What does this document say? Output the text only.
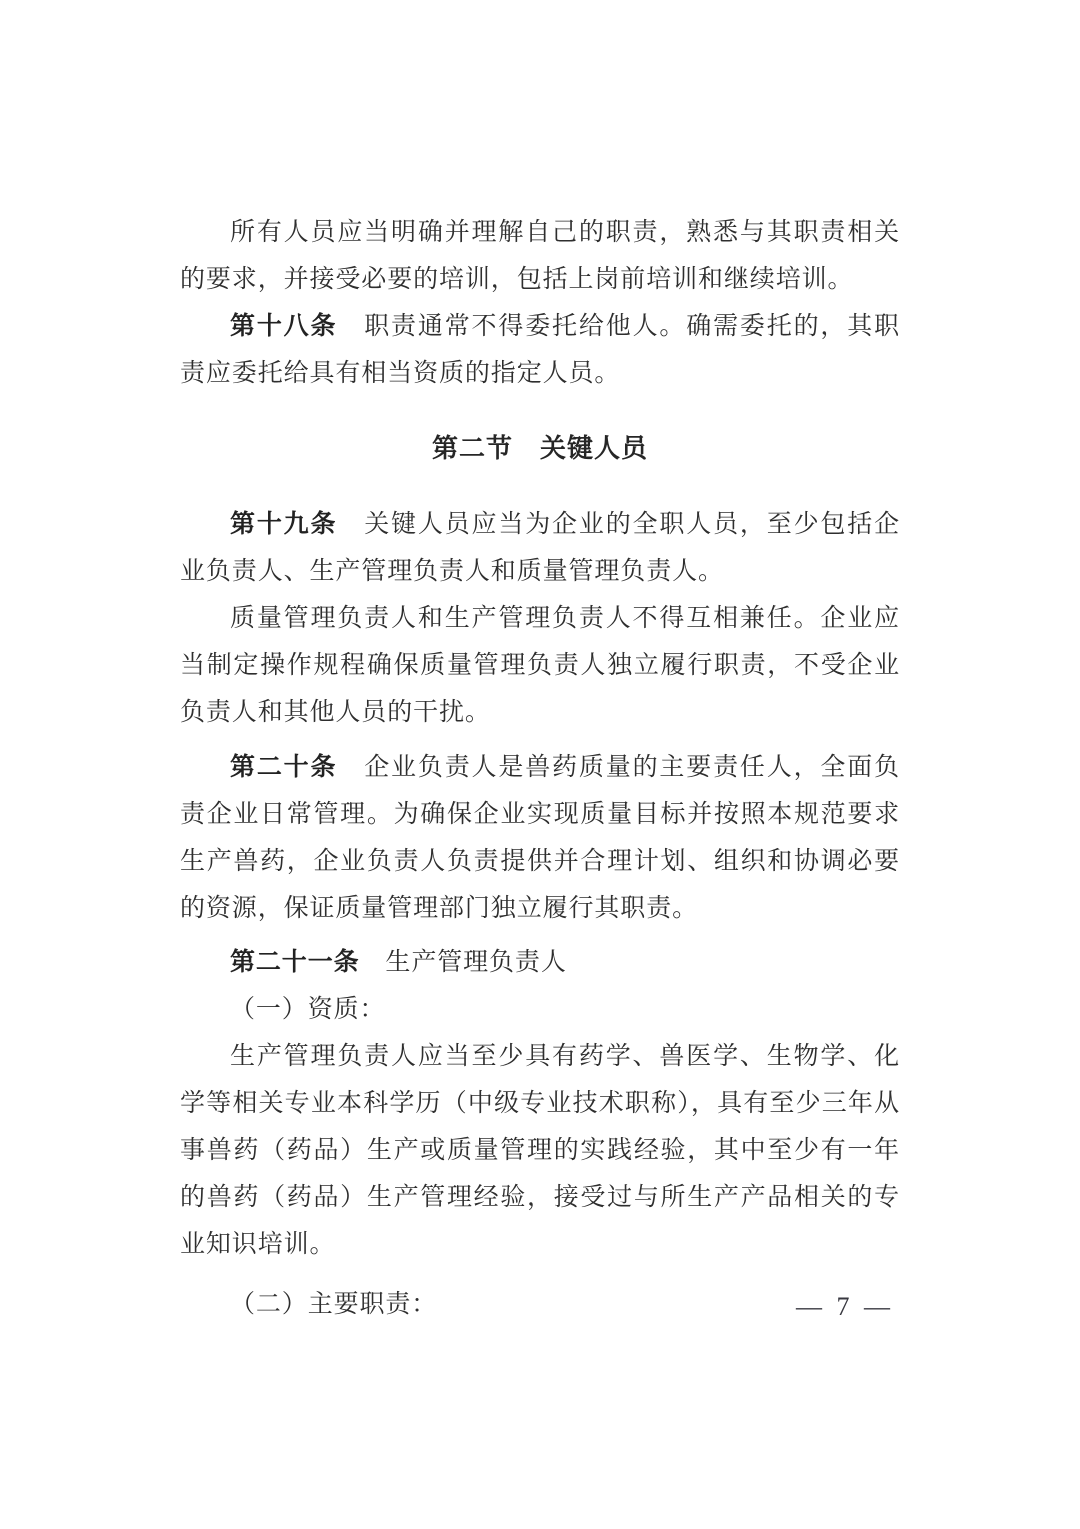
所有人员应当明确并理解自己的职责，熟悉与其职责相关的要求，并接受必要的培训，包括上岗前培训和继续培训。

第十八条　职责通常不得委托给他人。确需委托的，其职责应委托给具有相当资质的指定人员。

第二节　关键人员

第十九条　关键人员应当为企业的全职人员，至少包括企业负责人、生产管理负责人和质量管理负责人。

质量管理负责人和生产管理负责人不得互相兼任。企业应当制定操作规程确保质量管理负责人独立履行职责，不受企业负责人和其他人员的干扰。

第二十条　企业负责人是兽药质量的主要责任人，全面负责企业日常管理。为确保企业实现质量目标并按照本规范要求生产兽药，企业负责人负责提供并合理计划、组织和协调必要的资源，保证质量管理部门独立履行其职责。

第二十一条　生产管理负责人

（一）资质：

生产管理负责人应当至少具有药学、兽医学、生物学、化学等相关专业本科学历（中级专业技术职称），具有至少三年从事兽药（药品）生产或质量管理的实践经验，其中至少有一年的兽药（药品）生产管理经验，接受过与所生产产品相关的专业知识培训。

（二）主要职责：	— 7 —
